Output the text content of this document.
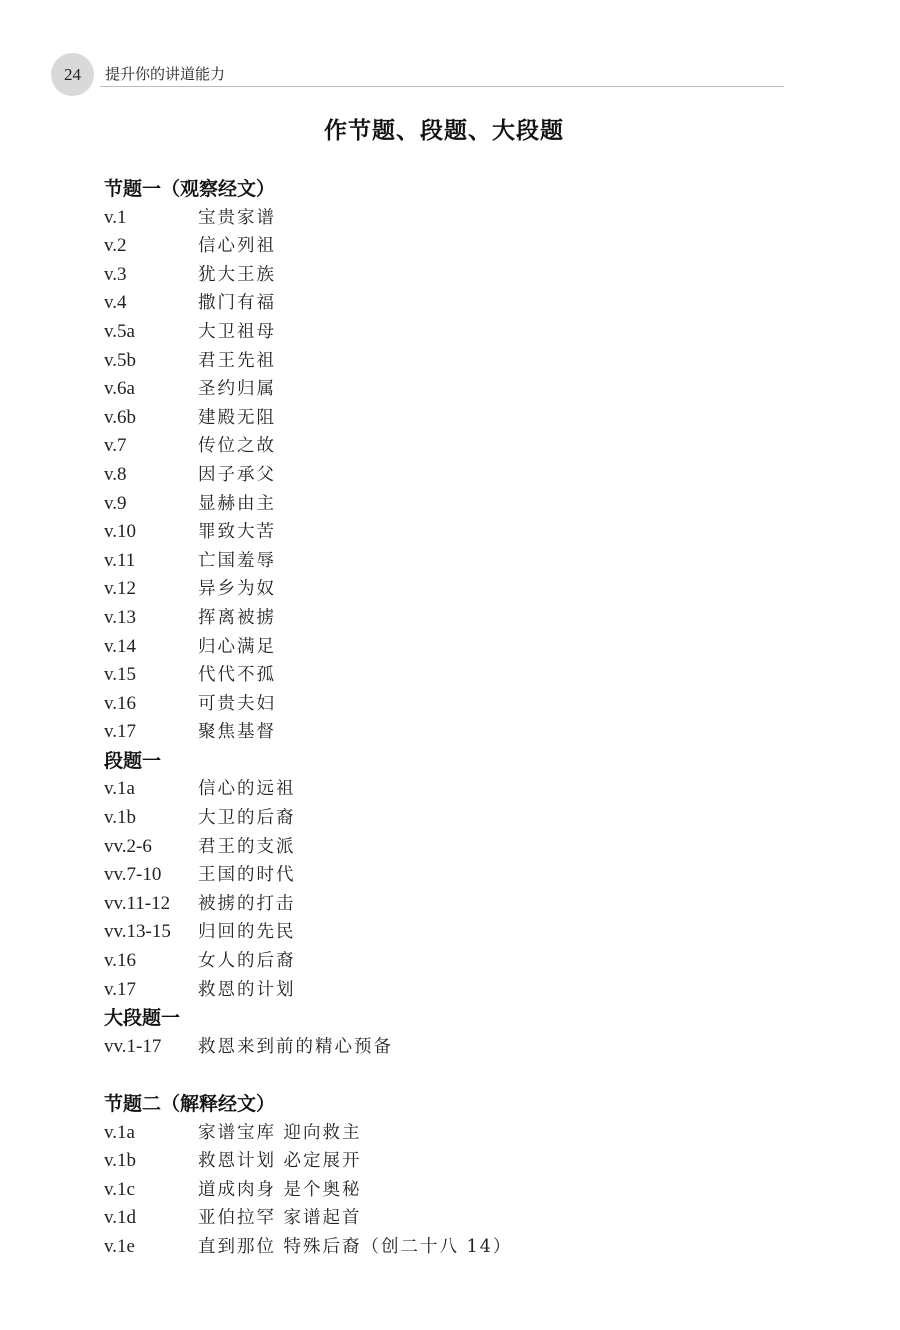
24	提升你的讲道能力
作节题、段题、大段题
节题一（观察经文）
v.1	宝贵家谱
v.2	信心列祖
v.3	犹大王族
v.4	撒门有福
v.5a	大卫祖母
v.5b	君王先祖
v.6a	圣约归属
v.6b	建殿无阻
v.7	传位之故
v.8	因子承父
v.9	显赫由主
v.10	罪致大苦
v.11	亡国羞辱
v.12	异乡为奴
v.13	挥离被掳
v.14	归心满足
v.15	代代不孤
v.16	可贵夫妇
v.17	聚焦基督
段题一
v.1a	信心的远祖
v.1b	大卫的后裔
vv.2-6	君王的支派
vv.7-10	王国的时代
vv.11-12	被掳的打击
vv.13-15	归回的先民
v.16	女人的后裔
v.17	救恩的计划
大段题一
vv.1-17	救恩来到前的精心预备
节题二（解释经文）
v.1a	家谱宝库 迎向救主
v.1b	救恩计划 必定展开
v.1c	道成肉身 是个奥秘
v.1d	亚伯拉罕 家谱起首
v.1e	直到那位 特殊后裔（创二十八 14）
